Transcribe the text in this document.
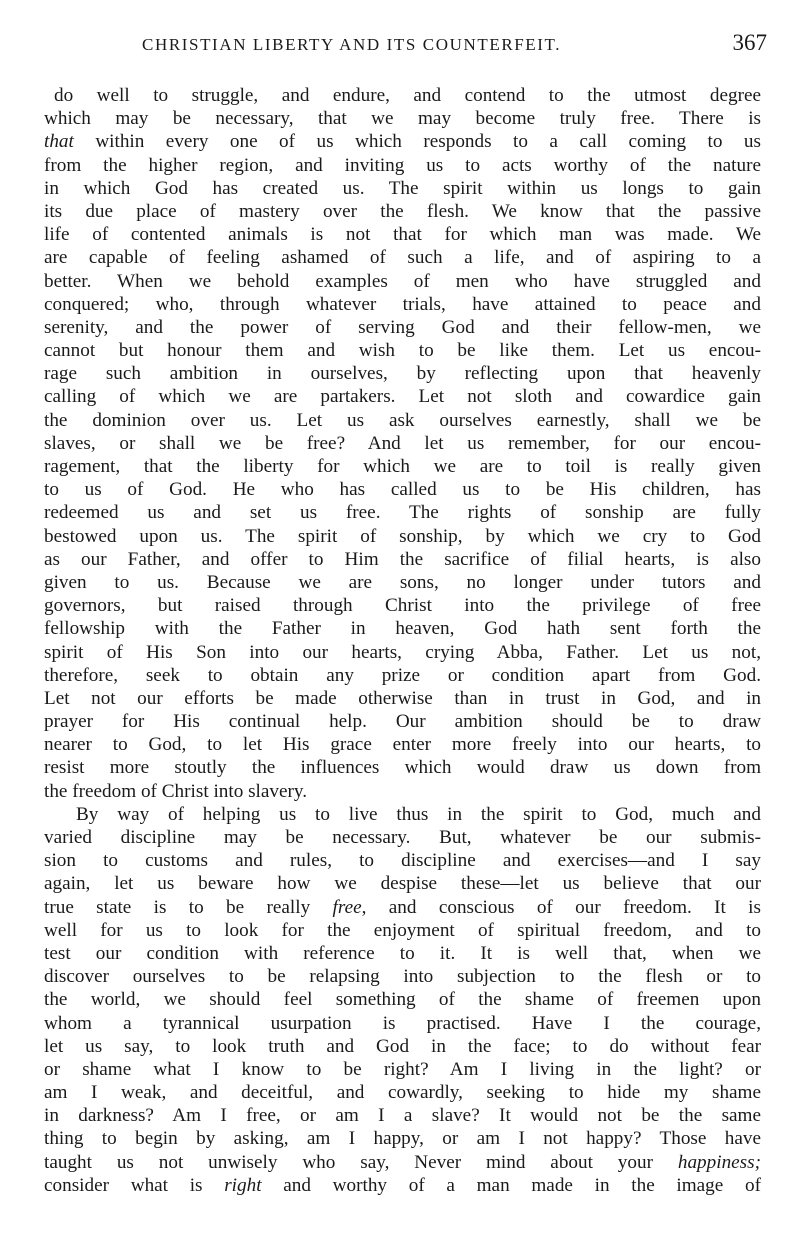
CHRISTIAN LIBERTY AND ITS COUNTERFEIT.	367
do well to struggle, and endure, and contend to the utmost degree
which may be necessary, that we may become truly free. There is
that within every one of us which responds to a call coming to us
from the higher region, and inviting us to acts worthy of the nature
in which God has created us. The spirit within us longs to gain
its due place of mastery over the flesh. We know that the passive
life of contented animals is not that for which man was made. We
are capable of feeling ashamed of such a life, and of aspiring to a
better. When we behold examples of men who have struggled and
conquered; who, through whatever trials, have attained to peace and
serenity, and the power of serving God and their fellow-men, we
cannot but honour them and wish to be like them. Let us encou-
rage such ambition in ourselves, by reflecting upon that heavenly
calling of which we are partakers. Let not sloth and cowardice gain
the dominion over us. Let us ask ourselves earnestly, shall we be
slaves, or shall we be free? And let us remember, for our encou-
ragement, that the liberty for which we are to toil is really given
to us of God. He who has called us to be His children, has
redeemed us and set us free. The rights of sonship are fully
bestowed upon us. The spirit of sonship, by which we cry to God
as our Father, and offer to Him the sacrifice of filial hearts, is also
given to us. Because we are sons, no longer under tutors and
governors, but raised through Christ into the privilege of free
fellowship with the Father in heaven, God hath sent forth the
spirit of His Son into our hearts, crying Abba, Father. Let us not,
therefore, seek to obtain any prize or condition apart from God.
Let not our efforts be made otherwise than in trust in God, and in
prayer for His continual help. Our ambition should be to draw
nearer to God, to let His grace enter more freely into our hearts, to
resist more stoutly the influences which would draw us down from
the freedom of Christ into slavery.
By way of helping us to live thus in the spirit to God, much and
varied discipline may be necessary. But, whatever be our submis-
sion to customs and rules, to discipline and exercises—and I say
again, let us beware how we despise these—let us believe that our
true state is to be really free, and conscious of our freedom. It is
well for us to look for the enjoyment of spiritual freedom, and to
test our condition with reference to it. It is well that, when we
discover ourselves to be relapsing into subjection to the flesh or to
the world, we should feel something of the shame of freemen upon
whom a tyrannical usurpation is practised. Have I the courage,
let us say, to look truth and God in the face; to do without fear
or shame what I know to be right? Am I living in the light? or
am I weak, and deceitful, and cowardly, seeking to hide my shame
in darkness? Am I free, or am I a slave? It would not be the same
thing to begin by asking, am I happy, or am I not happy? Those have
taught us not unwisely who say, Never mind about your happiness;
consider what is right and worthy of a man made in the image of
